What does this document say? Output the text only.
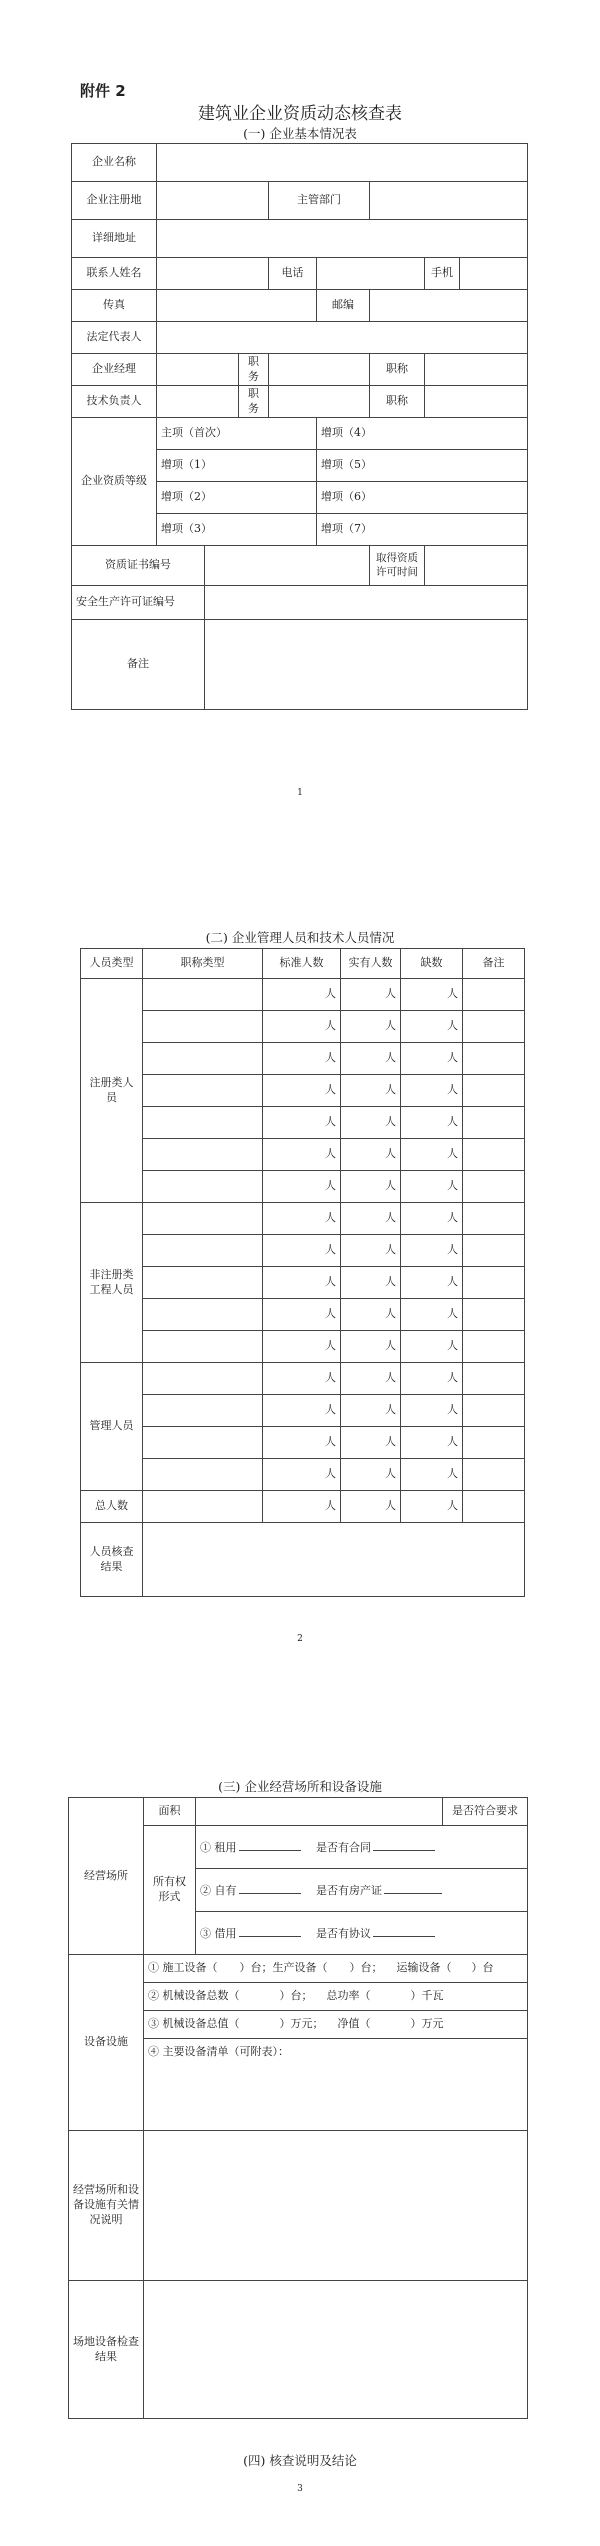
附件 2
建筑业企业资质动态核查表
(一) 企业基本情况表
企业名称								
企业注册地				主管部门				
详细地址								
联系人姓名				电话			手机	
传真					邮编			
法定代表人								
企业经理			职务			职称		
技术负责人			职务			职称		
企业资质等级	主项（首次）				增项（4）			
	增项（1）				增项（5）			
	增项（2）				增项（6）			
	增项（3）				增项（7）			
资质证书编号						取得资质许可时间		
安全生产许可证编号								
备注								
1
(二) 企业管理人员和技术人员情况
人员类型	职称类型	标准人数	实有人数	缺数	备注
注册类人员		人	人	人	
		人	人	人	
		人	人	人	
		人	人	人	
		人	人	人	
		人	人	人	
		人	人	人	
非注册类工程人员		人	人	人	
		人	人	人	
		人	人	人	
		人	人	人	
		人	人	人	
管理人员		人	人	人	
		人	人	人	
		人	人	人	
		人	人	人	
总人数		人	人	人	
人员核查结果					
2
(三) 企业经营场所和设备设施
经营场所	面积		是否符合要求
	所有权形式	① 租用 是否有合同	
		② 自有 是否有房产证	
		③ 借用 是否有协议	
设备设施	① 施工设备（ ）台；生产设备（ ）台； 运输设备（ ）台		
	② 机械设备总数（ ）台； 总功率（ ）千瓦		
	③ 机械设备总值（ ）万元； 净值（ ）万元		
	④ 主要设备清单（可附表）：		
经营场所和设备设施有关情况说明			
场地设备检查结果			
(四) 核查说明及结论
3
